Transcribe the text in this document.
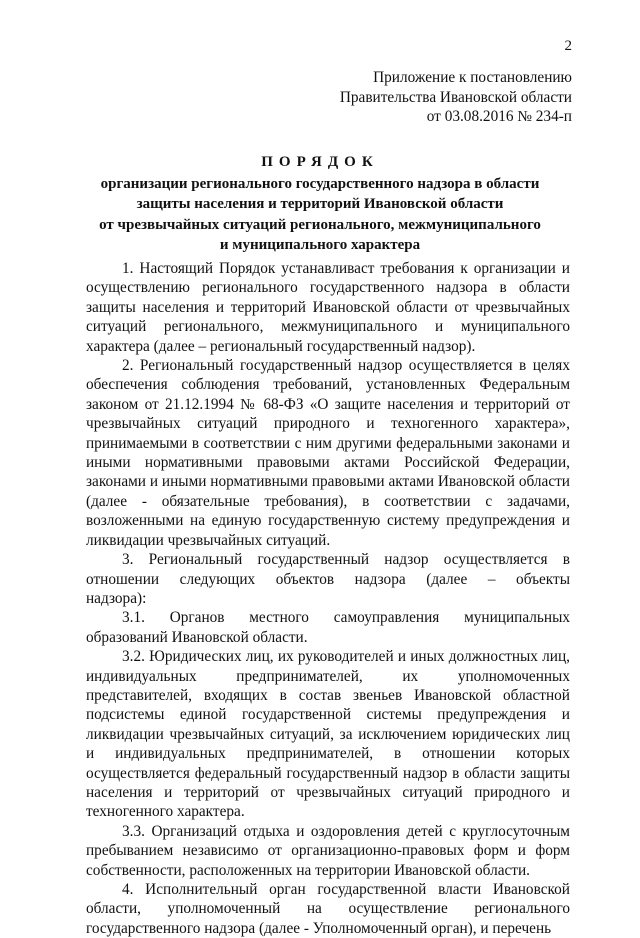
2
Приложение к постановлению
Правительства Ивановской области
от 03.08.2016 № 234-п
ПОРЯДОК
организации регионального государственного надзора в области
защиты населения и территорий Ивановской области
от чрезвычайных ситуаций регионального, межмуниципального
и муниципального характера

1. Настоящий Порядок устанавливаст требования к организации и осуществлению регионального государственного надзора в области защиты населения и территорий Ивановской области от чрезвычайных ситуаций регионального, межмуниципального и муниципального характера (далее – региональный государственный надзор).

2. Региональный государственный надзор осуществляется в целях обеспечения соблюдения требований, установленных Федеральным законом от 21.12.1994 № 68-ФЗ «О защите населения и территорий от чрезвычайных ситуаций природного и техногенного характера», принимаемыми в соответствии с ним другими федеральными законами и иными нормативными правовыми актами Российской Федерации, законами и иными нормативными правовыми актами Ивановской области (далее - обязательные требования), в соответствии с задачами, возложенными на единую государственную систему предупреждения и ликвидации чрезвычайных ситуаций.

3. Региональный государственный надзор осуществляется в отношении следующих объектов надзора (далее – объекты надзора):

3.1. Органов местного самоуправления муниципальных образований Ивановской области.

3.2. Юридических лиц, их руководителей и иных должностных лиц, индивидуальных предпринимателей, их уполномоченных представителей, входящих в состав звеньев Ивановской областной подсистемы единой государственной системы предупреждения и ликвидации чрезвычайных ситуаций, за исключением юридических лиц и индивидуальных предпринимателей, в отношении которых осуществляется федеральный государственный надзор в области защиты населения и территорий от чрезвычайных ситуаций природного и техногенного характера.

3.3. Организаций отдыха и оздоровления детей с круглосуточным пребыванием независимо от организационно-правовых форм и форм собственности, расположенных на территории Ивановской области.

4. Исполнительный орган государственной власти Ивановской области, уполномоченный на осуществление регионального государственного надзора (далее - Уполномоченный орган), и перечень
